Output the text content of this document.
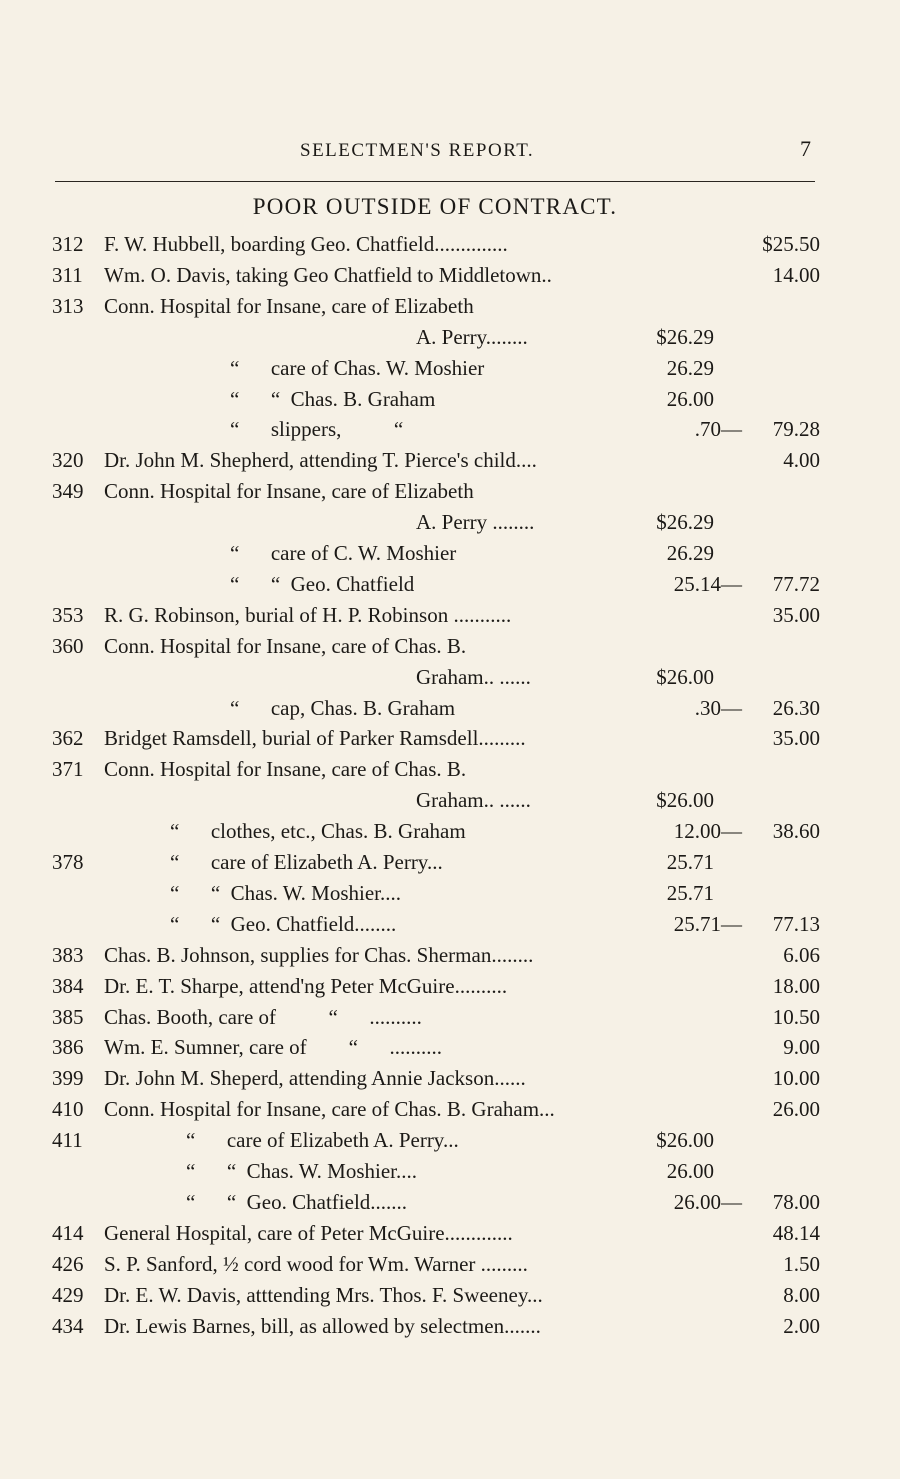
SELECTMEN'S REPORT.	7
POOR OUTSIDE OF CONTRACT.
312 F. W. Hubbell, boarding Geo. Chatfield..............	$25.50
311 Wm. O. Davis, taking Geo Chatfield to Middletown..	14.00
313 Conn. Hospital for Insane, care of Elizabeth
A. Perry........	$26.29
“      care of Chas. W. Moshier	26.29
“      “  Chas. B. Graham	26.00
“      slippers,          “	.70— 79.28
320 Dr. John M. Shepherd, attending T. Pierce's child....	4.00
349 Conn. Hospital for Insane, care of Elizabeth
A. Perry ........	$26.29
“      care of C. W. Moshier	26.29
“      “  Geo. Chatfield	25.14— 77.72
353 R. G. Robinson, burial of H. P. Robinson ...........	35.00
360 Conn. Hospital for Insane, care of Chas. B.
Graham.. ......	$26.00
“      cap, Chas. B. Graham	.30— 26.30
362 Bridget Ramsdell, burial of Parker Ramsdell.........	35.00
371 Conn. Hospital for Insane, care of Chas. B.
Graham.. ......	$26.00
“      clothes, etc., Chas. B. Graham	12.00— 38.60
378	“      care of Elizabeth A. Perry...	25.71
“      “  Chas. W. Moshier....	25.71
“      “  Geo. Chatfield........	25.71— 77.13
383 Chas. B. Johnson, supplies for Chas. Sherman........	6.06
384 Dr. E. T. Sharpe, attend'ng Peter McGuire..........	18.00
385 Chas. Booth, care of          “      ..........	10.50
386 Wm. E. Sumner, care of        “      ..........	9.00
399 Dr. John M. Sheperd, attending Annie Jackson......	10.00
410 Conn. Hospital for Insane, care of Chas. B. Graham...	26.00
411	“      care of Elizabeth A. Perry...	$26.00
“      “  Chas. W. Moshier....	26.00
“      “  Geo. Chatfield.......	26.00— 78.00
414 General Hospital, care of Peter McGuire.............	48.14
426 S. P. Sanford, ½ cord wood for Wm. Warner .........	1.50
429 Dr. E. W. Davis, atttending Mrs. Thos. F. Sweeney...	8.00
434 Dr. Lewis Barnes, bill, as allowed by selectmen.......	2.00
